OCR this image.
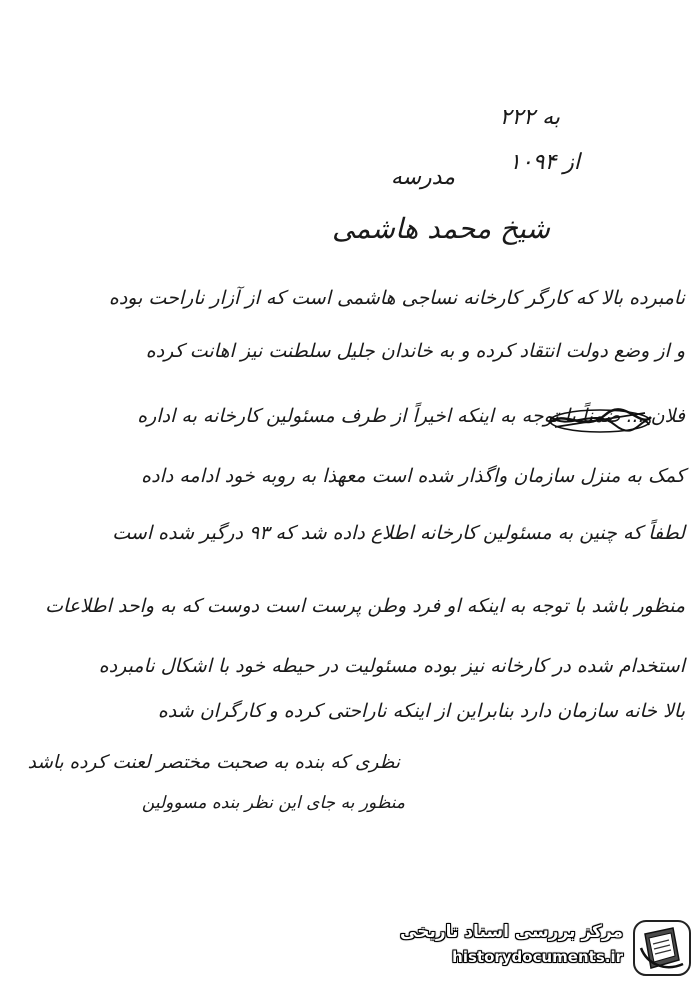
به ۲۲۲
از ۱۰۹۴
مدرسه
شیخ محمد هاشمی
نامبرده بالا که کارگر کارخانه نساجی هاشمی است که از آزار ناراحت بوده
و از وضع دولت انتقاد کرده و به خاندان جلیل سلطنت نیز اهانت کرده
فلان ... ضمناً با توجه به اینکه اخیراً از طرف مسئولین کارخانه به اداره
کمک به منزل سازمان واگذار شده است معهذا به روبه خود ادامه داده
لطفاً که چنین به مسئولین کارخانه اطلاع داده شد که ۹۳ درگیر شده است
منظور باشد با توجه به اینکه او فرد وطن پرست است دوست که به واحد اطلاعات
استخدام شده در کارخانه نیز بوده مسئولیت در حیطه خود با اشکال نامبرده
بالا خانه سازمان دارد بنابراین از اینکه ناراحتی کرده و کارگران شده
نظری که بنده به صحبت مختصر لعنت کرده باشد
منظور به جای این نظر بنده مسوولین
مرکز بررسی اسناد تاریخی
historydocuments.ir
